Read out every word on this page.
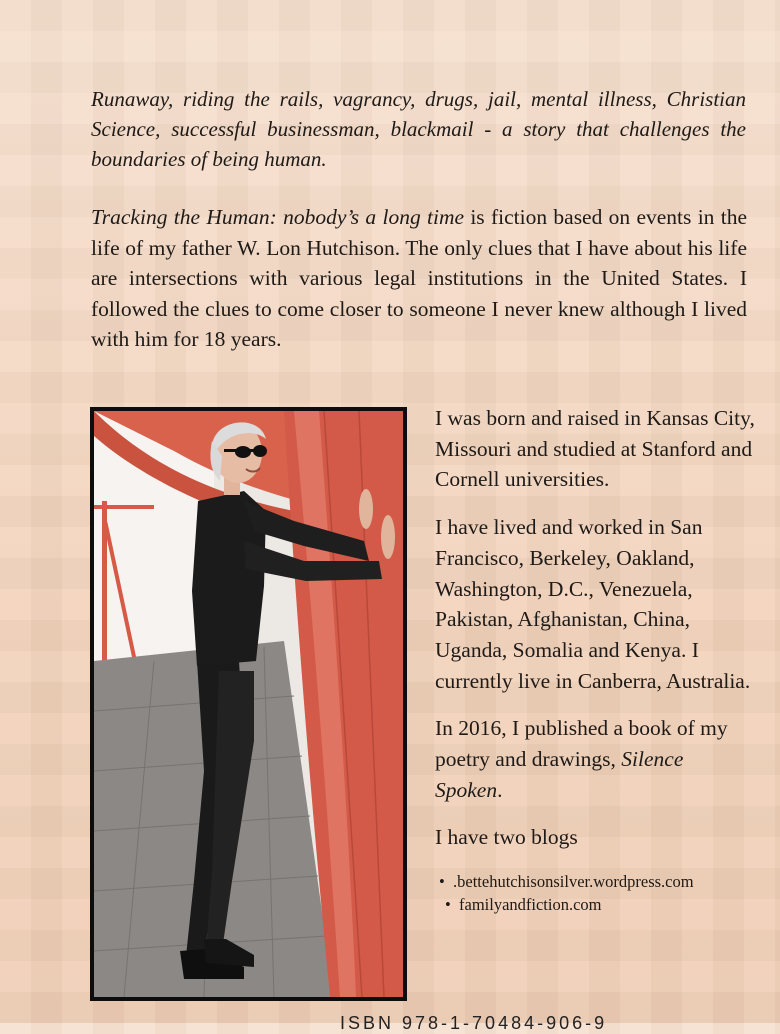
Runaway, riding the rails, vagrancy, drugs, jail, mental illness, Christian Science, successful businessman, blackmail - a story that challenges the boundaries of being human.

Tracking the Human: nobody’s a long time is fiction based on events in the life of my father W. Lon Hutchison. The only clues that I have about his life are intersections with various legal institutions in the United States. I followed the clues to come closer to someone I never knew although I lived with him for 18 years.

I was born and raised in Kansas City, Missouri and studied at Stanford and Cornell universities.

I have lived and worked in San Francisco, Berkeley, Oakland, Washington, D.C., Venezuela, Pakistan, Afghanistan, China, Uganda, Somalia and Kenya. I currently live in Canberra, Australia.

In 2016, I published a book of my poetry and drawings, Silence Spoken.

I have two blogs

• .bettehutchisonsilver.wordpress.com
• familyandfiction.com
ISBN 978-1-70484-906-9
